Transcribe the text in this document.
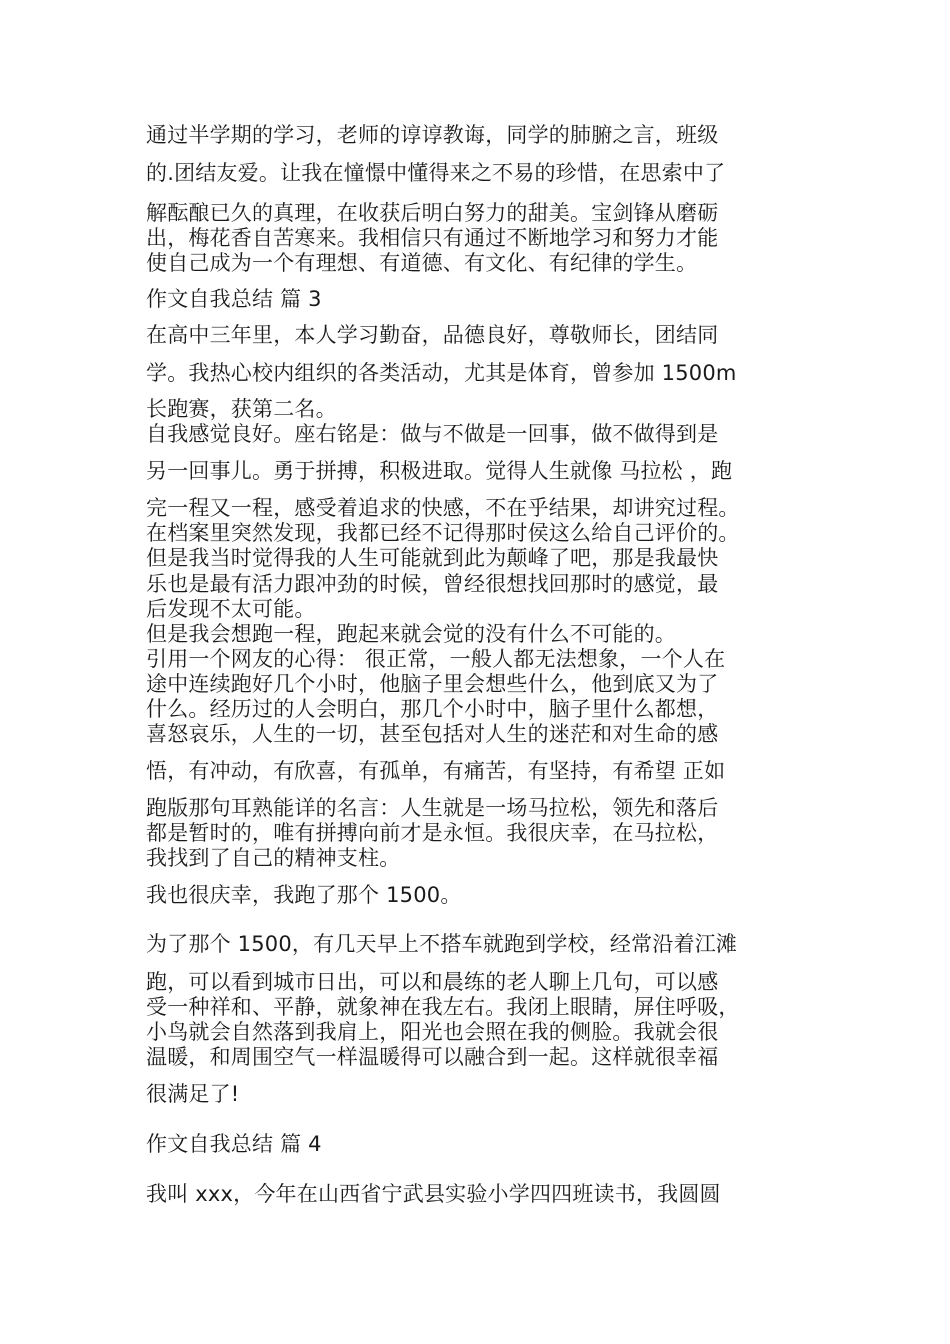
通过半学期的学习，老师的谆谆教诲，同学的肺腑之言，班级
的.团结友爱。让我在憧憬中懂得来之不易的珍惜，在思索中了
解酝酿已久的真理，在收获后明白努力的甜美。宝剑锋从磨砺
出，梅花香自苦寒来。我相信只有通过不断地学习和努力才能
使自己成为一个有理想、有道德、有文化、有纪律的学生。
作文自我总结 篇 3
在高中三年里，本人学习勤奋，品德良好，尊敬师长，团结同
学。我热心校内组织的各类活动，尤其是体育，曾参加 1500m
长跑赛，获第二名。
自我感觉良好。座右铭是：做与不做是一回事，做不做得到是
另一回事儿。勇于拼搏，积极进取。觉得人生就像 马拉松 ，跑
完一程又一程，感受着追求的快感，不在乎结果，却讲究过程。
在档案里突然发现，我都已经不记得那时侯这么给自己评价的。
但是我当时觉得我的人生可能就到此为颠峰了吧，那是我最快
乐也是最有活力跟冲劲的时候，曾经很想找回那时的感觉，最
后发现不太可能。
但是我会想跑一程，跑起来就会觉的没有什么不可能的。
引用一个网友的心得： 很正常，一般人都无法想象，一个人在
途中连续跑好几个小时，他脑子里会想些什么，他到底又为了
什么。经历过的人会明白，那几个小时中，脑子里什么都想，
喜怒哀乐，人生的一切，甚至包括对人生的迷茫和对生命的感
悟，有冲动，有欣喜，有孤单，有痛苦，有坚持，有希望 正如
跑版那句耳熟能详的名言：人生就是一场马拉松，领先和落后
都是暂时的，唯有拼搏向前才是永恒。我很庆幸，在马拉松，
我找到了自己的精神支柱。
我也很庆幸，我跑了那个 1500。
为了那个 1500，有几天早上不搭车就跑到学校，经常沿着江滩
跑，可以看到城市日出，可以和晨练的老人聊上几句，可以感
受一种祥和、平静，就象神在我左右。我闭上眼睛，屏住呼吸，
小鸟就会自然落到我肩上，阳光也会照在我的侧脸。我就会很
温暖，和周围空气一样温暖得可以融合到一起。这样就很幸福
很满足了!
作文自我总结 篇 4
我叫 xxx，今年在山西省宁武县实验小学四四班读书，我圆圆
